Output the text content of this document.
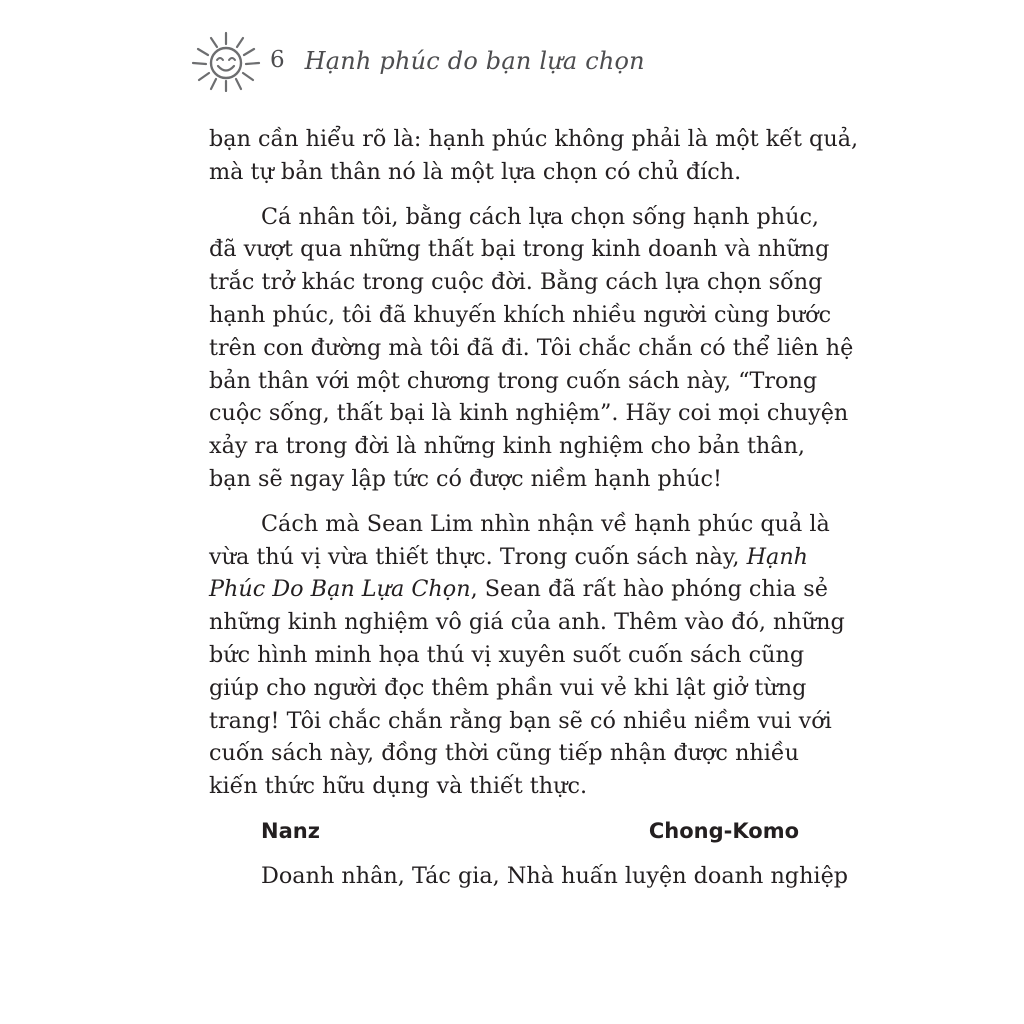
6 Hạnh phúc do bạn lựa chọn
bạn cần hiểu rõ là: hạnh phúc không phải là một kết quả,
mà tự bản thân nó là một lựa chọn có chủ đích.
Cá nhân tôi, bằng cách lựa chọn sống hạnh phúc,
đã vượt qua những thất bại trong kinh doanh và những
trắc trở khác trong cuộc đời. Bằng cách lựa chọn sống
hạnh phúc, tôi đã khuyến khích nhiều người cùng bước
trên con đường mà tôi đã đi. Tôi chắc chắn có thể liên hệ
bản thân với một chương trong cuốn sách này, “Trong
cuộc sống, thất bại là kinh nghiệm”. Hãy coi mọi chuyện
xảy ra trong đời là những kinh nghiệm cho bản thân,
bạn sẽ ngay lập tức có được niềm hạnh phúc!
Cách mà Sean Lim nhìn nhận về hạnh phúc quả là
vừa thú vị vừa thiết thực. Trong cuốn sách này, Hạnh
Phúc Do Bạn Lựa Chọn, Sean đã rất hào phóng chia sẻ
những kinh nghiệm vô giá của anh. Thêm vào đó, những
bức hình minh họa thú vị xuyên suốt cuốn sách cũng
giúp cho người đọc thêm phần vui vẻ khi lật giở từng
trang! Tôi chắc chắn rằng bạn sẽ có nhiều niềm vui với
cuốn sách này, đồng thời cũng tiếp nhận được nhiều
kiến thức hữu dụng và thiết thực.

Nanz Chong-Komo

Doanh nhân, Tác gia, Nhà huấn luyện doanh nghiệp
